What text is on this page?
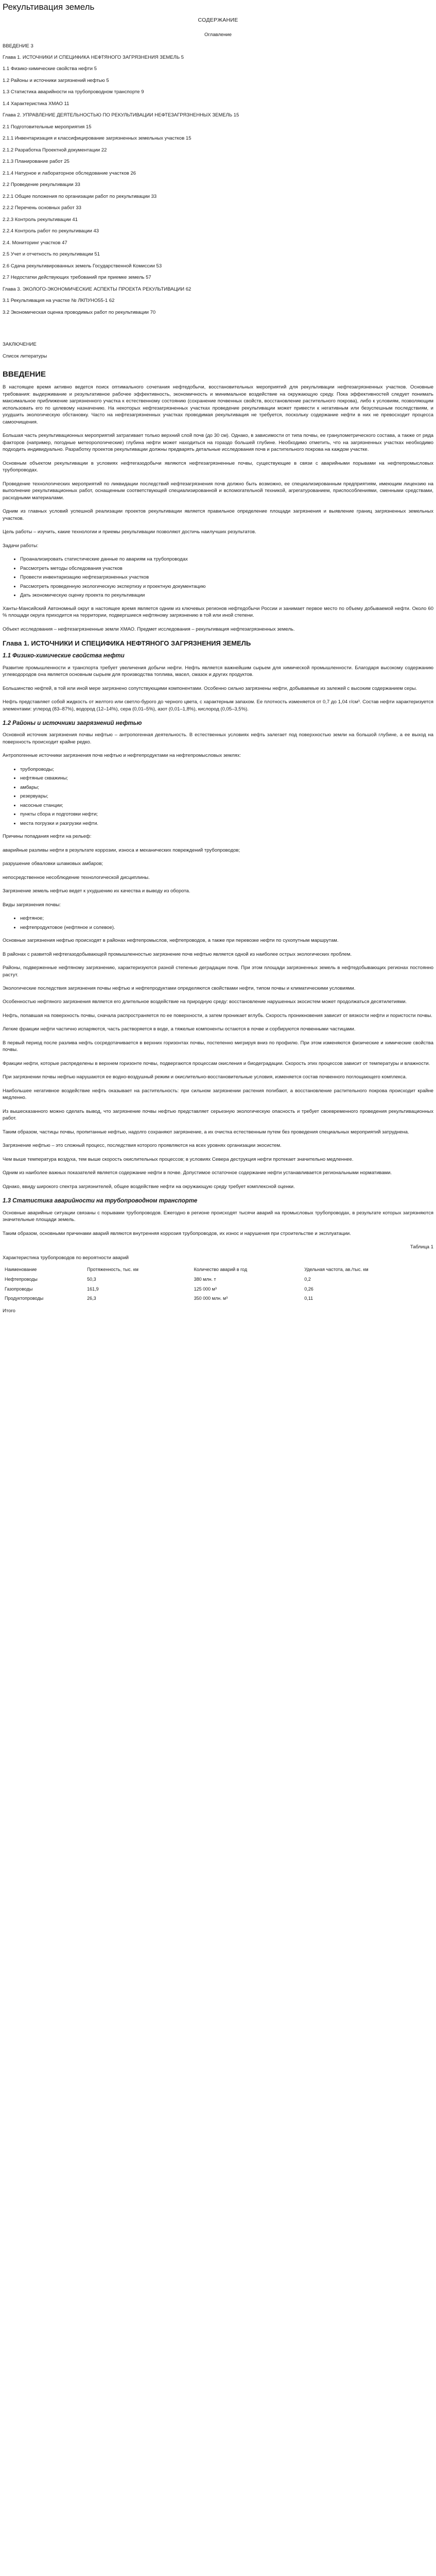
Рекультивация земель
СОДЕРЖАНИЕ
Оглавление
ВВЕДЕНИЕ 3
Глава 1. ИСТОЧНИКИ И СПЕЦИФИКА НЕФТЯНОГО ЗАГРЯЗНЕНИЯ ЗЕМЕЛЬ 5
1.1 Физико-химические свойства нефти 5
1.2 Районы и источники загрязнений нефтью 5
1.3 Статистика аварийности на трубопроводном транспорте 9
1.4 Характеристика ХМАО 11
Глава 2. УПРАВЛЕНИЕ ДЕЯТЕЛЬНОСТЬЮ ПО РЕКУЛЬТИВАЦИИ НЕФТЕЗАГРЯЗНЕННЫХ ЗЕМЕЛЬ 15
2.1 Подготовительные мероприятия 15
2.1.1 Инвентаризация и классифицирование загрязненных земельных участков 15
2.1.2 Разработка Проектной документации 22
2.1.3 Планирование работ 25
2.1.4 Натурное и лабораторное обследование участков 26
2.2 Проведение рекультивации 33
2.2.1 Общие положения по организации работ по рекультивации 33
2.2.2 Перечень основных работ 33
2.2.3 Контроль рекультивации 41
2.2.4 Контроль работ по рекультивации 43
2.4. Мониторинг участков 47
2.5 Учет и отчетность по рекультивации 51
2.6 Сдача рекультивированных земель Государственной Комиссии 53
2.7 Недостатки действующих требований при приемке земель 57
Глава 3. ЭКОЛОГО-ЭКОНОМИЧЕСКИЕ АСПЕКТЫ ПРОЕКТА РЕКУЛЬТИВАЦИИ 62
3.1 Рекультивация на участке № ЛКПУНО55-1 62
3.2 Экономическая оценка проводимых работ по рекультивации 70
ЗАКЛЮЧЕНИЕ
Список литературы
ВВЕДЕНИЕ

В настоящее время активно ведется поиск оптимального сочетания нефтедобычи, восстановительных мероприятий для рекультивации нефтезагрязненных участков. Основные требования: выдерживание и результативное рабочее эффективность, экономичность и минимальное воздействие на окружающую среду. Пока эффективностей следует понимать максимальное приближение загрязненного участка к естественному состоянию (сохранение почвенных свойств, восстановление растительного покрова), либо к условиям, позволяющим использовать его по целевому назначению. На некоторых нефтезагрязненных участках проведение рекультивации может привести к негативным или безуспешным последствиям, и ухудшить экологическую обстановку. Часто на нефтезагрязненных участках проводимая рекультивация не требуется, поскольку содержание нефти в них не превосходит процесса самоочищения.

Большая часть рекультивационных мероприятий затрагивает только верхний слой почв (до 30 см). Однако, в зависимости от типа почвы, ее гранулометрического состава, а также от ряда факторов (например, погодные метеорологические) глубина нефти может находиться на гораздо большей глубине. Необходимо отметить, что на загрязненных участках необходимо подходить индивидуально. Разработку проектов рекультивации должны предварять детальные исследования почв и растительного покрова на каждом участке.

Основным объектом рекультивации в условиях нефтегазодобычи являются нефтезагрязненные почвы, существующие в связи с аварийными порывами на нефтепромысловых трубопроводах.

Проведение технологических мероприятий по ликвидации последствий нефтезагрязнения почв должно быть возможно, ее специализированным предприятиям, имеющим лицензию на выполнение рекультивационных работ, оснащенным соответствующей специализированной и вспомогательной техникой, агрегатурованием, приспособлениями, сменными средствами, расходными материалами.

Одним из главных условий успешной реализации проектов рекультивации является правильное определение площади загрязнения и выявление границ загрязненных земельных участков.

Цель работы – изучить, какие технологии и приемы рекультивации позволяют достичь наилучших результатов.

Задачи работы:

• Проанализировать статистические данные по авариям на трубопроводах
• Рассмотреть методы обследования участков
• Провести инвентаризацию нефтезагрязненных участков
• Рассмотреть проведенную экологическую экспертизу и проектную документацию
• Дать экономическую оценку проекта по рекультивации

Ханты-Мансийский Автономный округ в настоящее время является одним из ключевых регионов нефтедобычи России и занимает первое место по объему добываемой нефти. Около 60 % площади округа приходится на территории, подвергшиеся нефтяному загрязнению в той или иной степени.

Объект исследования – нефтезагрязненные земли ХМАО. Предмет исследования – рекультивация нефтезагрязненных земель.

Глава 1. ИСТОЧНИКИ И СПЕЦИФИКА НЕФТЯНОГО ЗАГРЯЗНЕНИЯ ЗЕМЕЛЬ
1.1 Физико-химические свойства нефти

Развитие промышленности и транспорта требует увеличения добычи нефти. Нефть является важнейшим сырьем для химической промышленности. Благодаря высокому содержанию углеводородов она является основным сырьем для производства топлива, масел, смазок и других продуктов.

Большинство нефтей, в той или иной мере загрязнено сопутствующими компонентами. Особенно сильно загрязнены нефти, добываемые из залежей с высоким содержанием серы.

Нефть представляет собой жидкость от желтого или светло-бурого до черного цвета, с характерным запахом. Ее плотность изменяется от 0,7 до 1,04 г/см³. Состав нефти характеризуется элементами: углерод (83–87%), водород (12–14%), сера (0,01–5%), азот (0,01–1,8%), кислород (0,05–3,5%).

1.2 Районы и источники загрязнений нефтью

Основной источник загрязнения почвы нефтью – антропогенная деятельность. В естественных условиях нефть залегает под поверхностью земли на большой глубине, а ее выход на поверхность происходит крайне редко.

Антропогенные источники загрязнения почв нефтью и нефтепродуктами на нефтепромысловых землях:

• трубопроводы;
• нефтяные скважины;
• амбары;
• резервуары;
• насосные станции;
• пункты сбора и подготовки нефти;
• места погрузки и разгрузки нефти.

Причины попадания нефти на рельеф:

аварийные разливы нефти в результате коррозии, износа и механических повреждений трубопроводов;

разрушение обваловки шламовых амбаров;

непосредственное несоблюдение технологической дисциплины.

Загрязнение земель нефтью ведет к ухудшению их качества и выводу из оборота.

Виды загрязнения почвы:

• нефтяное;
• нефтепродуктовое (нефтяное и солевое).

Основные загрязнения нефтью происходят в районах нефтепромыслов, нефтепроводов, а также при перевозке нефти по сухопутным маршрутам.

В районах с развитой нефтегазодобывающей промышленностью загрязнение почв нефтью является одной из наиболее острых экологических проблем.

Районы, подверженные нефтяному загрязнению, характеризуются разной степенью деградации почв. При этом площади загрязненных земель в нефтедобывающих регионах постоянно растут.

Экологические последствия загрязнения почвы нефтью и нефтепродуктами определяются свойствами нефти, типом почвы и климатическими условиями.

Особенностью нефтяного загрязнения является его длительное воздействие на природную среду: восстановление нарушенных экосистем может продолжаться десятилетиями.

Нефть, попавшая на поверхность почвы, сначала распространяется по ее поверхности, а затем проникает вглубь. Скорость проникновения зависит от вязкости нефти и пористости почвы.

Легкие фракции нефти частично испаряются, часть растворяется в воде, а тяжелые компоненты остаются в почве и сорбируются почвенными частицами.

В первый период после разлива нефть сосредотачивается в верхних горизонтах почвы, постепенно мигрируя вниз по профилю. При этом изменяются физические и химические свойства почвы.

Фракции нефти, которые распределены в верхнем горизонте почвы, подвергаются процессам окисления и биодеградации. Скорость этих процессов зависит от температуры и влажности.

При загрязнении почвы нефтью нарушаются ее водно-воздушный режим и окислительно-восстановительные условия, изменяется состав почвенного поглощающего комплекса.

Наибольшее негативное воздействие нефть оказывает на растительность: при сильном загрязнении растения погибают, а восстановление растительного покрова происходит крайне медленно.

Из вышесказанного можно сделать вывод, что загрязнение почвы нефтью представляет серьезную экологическую опасность и требует своевременного проведения рекультивационных работ.

Таким образом, частицы почвы, пропитанные нефтью, надолго сохраняют загрязнение, а их очистка естественным путем без проведения специальных мероприятий затруднена.

Загрязнение нефтью – это сложный процесс, последствия которого проявляются на всех уровнях организации экосистем.

Чем выше температура воздуха, тем выше скорость окислительных процессов; в условиях Севера деструкция нефти протекает значительно медленнее.

Одним из наиболее важных показателей является содержание нефти в почве. Допустимое остаточное содержание нефти устанавливается региональными нормативами.

Однако, ввиду широкого спектра загрязнителей, общее воздействие нефти на окружающую среду требует комплексной оценки.

1.3 Статистика аварийности на трубопроводном транспорте

Основные аварийные ситуации связаны с порывами трубопроводов. Ежегодно в регионе происходят тысячи аварий на промысловых трубопроводах, в результате которых загрязняются значительные площади земель.

Таким образом, основными причинами аварий являются внутренняя коррозия трубопроводов, их износ и нарушения при строительстве и эксплуатации.

Таблица 1
Характеристика трубопроводов по вероятности аварий
Наименование	Протяженность, тыс. км	Количество аварий в год	Удельная частота, ав./тыс. км
Нефтепроводы	50,3	380 млн. т	0,2
Газопроводы	161,9	125 000 м³	0,26
Продуктопроводы	26,3	350 000 млн. м³	0,11
Итого
